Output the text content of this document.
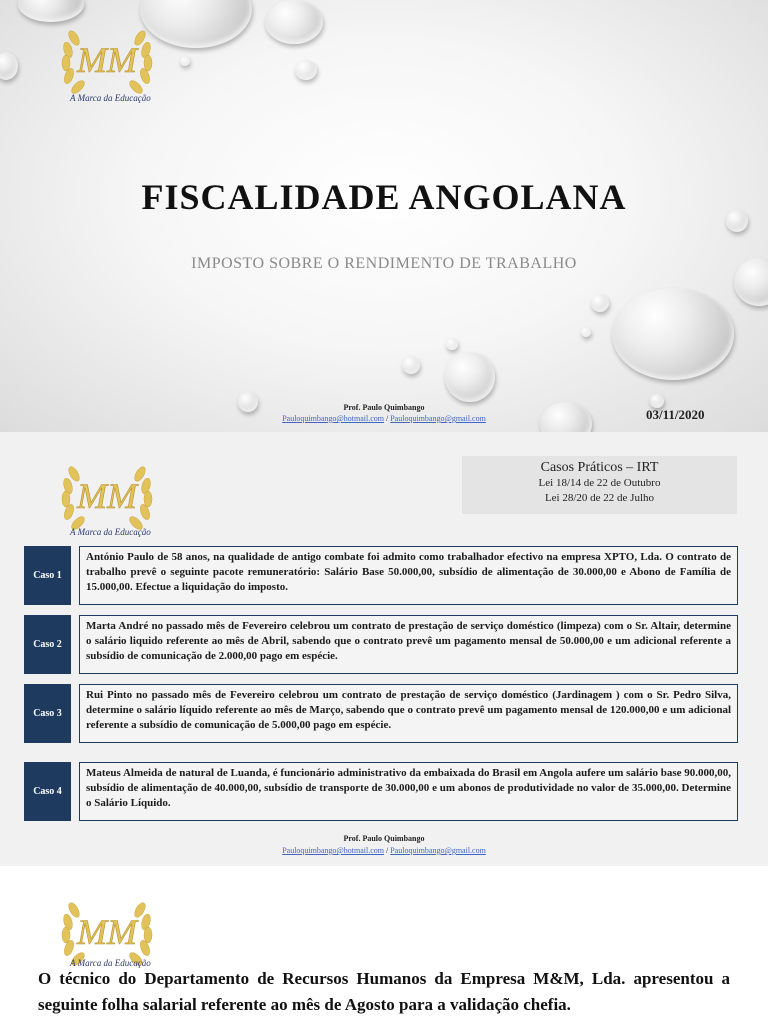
MM
A Marca da Educação
FISCALIDADE ANGOLANA
IMPOSTO SOBRE O RENDIMENTO DE TRABALHO
Prof. Paulo Quimbango
Pauloquimbango@hotmail.com / Pauloquimbango@gmail.com	03/11/2020
MM
A Marca da Educação
Casos Práticos – IRT
Lei 18/14 de 22 de Outubro
Lei 28/20 de 22 de Julho
Caso 1
António Paulo de 58 anos, na qualidade de antigo combate foi admito como trabalhador efectivo na empresa XPTO, Lda. O contrato de trabalho prevê o seguinte pacote remuneratório: Salário Base 50.000,00, subsídio de alimentação de 30.000,00 e Abono de Família de 15.000,00. Efectue a liquidação do imposto.
Caso 2
Marta André no passado mês de Fevereiro celebrou um contrato de prestação de serviço doméstico (limpeza) com o Sr. Altair, determine o salário liquido referente ao mês de Abril, sabendo que o contrato prevê um pagamento mensal de 50.000,00 e um adicional referente a subsídio de comunicação de 2.000,00 pago em espécie.
Caso 3
Rui Pinto no passado mês de Fevereiro celebrou um contrato de prestação de serviço doméstico (Jardinagem ) com o Sr. Pedro Silva, determine o salário líquido referente ao mês de Março, sabendo que o contrato prevê um pagamento mensal de 120.000,00 e um adicional referente a subsídio de comunicação de 5.000,00 pago em espécie.
Caso 4
Mateus Almeida de natural de Luanda, é funcionário administrativo da embaixada do Brasil em Angola aufere um salário base 90.000,00, subsídio de alimentação de 40.000,00, subsídio de transporte de 30.000,00 e um abonos de produtividade no valor de 35.000,00. Determine o Salário Líquido.
Prof. Paulo Quimbango
Pauloquimbango@hotmail.com / Pauloquimbango@gmail.com
MM
A Marca da Educação

O técnico do Departamento de Recursos Humanos da Empresa M&M, Lda. apresentou a seguinte folha salarial referente ao mês de Agosto para a validação chefia.
